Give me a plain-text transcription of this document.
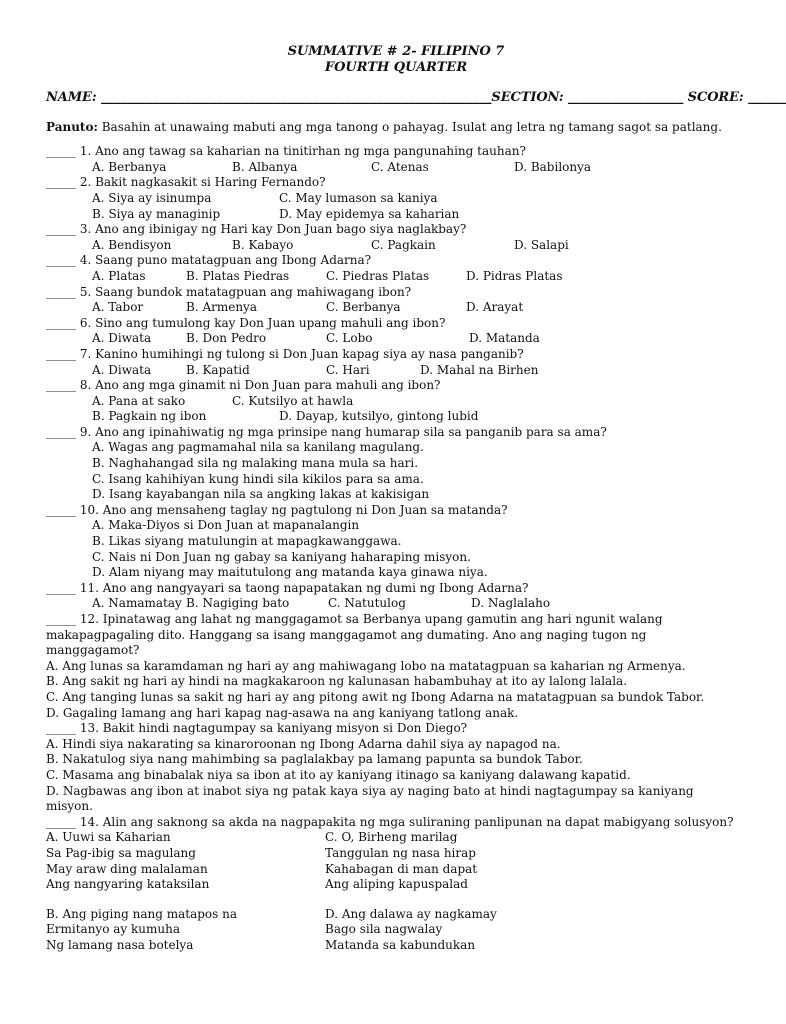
SUMMATIVE # 2- FILIPINO 7
FOURTH QUARTER
NAME: _____________________________________________________________SECTION: __________________ SCORE: ______
Panuto: Basahin at unawaing mabuti ang mga tanong o pahayag. Isulat ang letra ng tamang sagot sa patlang.
_____ 1. Ano ang tawag sa kaharian na tinitirhan ng mga pangunahing tauhan?
A. Berbanya	B. Albanya	C. Atenas	D. Babilonya
_____ 2. Bakit nagkasakit si Haring Fernando?
A. Siya ay isinumpa	C. May lumason sa kaniya
B. Siya ay managinip	D. May epidemya sa kaharian
_____ 3. Ano ang ibinigay ng Hari kay Don Juan bago siya naglakbay?
A. Bendisyon	B. Kabayo	C. Pagkain	D. Salapi
_____ 4. Saang puno matatagpuan ang Ibong Adarna?
A. Platas	B. Platas Piedras	C. Piedras Platas	D. Pidras Platas
_____ 5. Saang bundok matatagpuan ang mahiwagang ibon?
A. Tabor	B. Armenya	C. Berbanya	D. Arayat
_____ 6. Sino ang tumulong kay Don Juan upang mahuli ang ibon?
A. Diwata	B. Don Pedro	C. Lobo	D. Matanda
_____ 7. Kanino humihingi ng tulong si Don Juan kapag siya ay nasa panganib?
A. Diwata	B. Kapatid	C. Hari	D. Mahal na Birhen
_____ 8. Ano ang mga ginamit ni Don Juan para mahuli ang ibon?
A. Pana at sako	C. Kutsilyo at hawla
B. Pagkain ng ibon	D. Dayap, kutsilyo, gintong lubid
_____ 9. Ano ang ipinahiwatig ng mga prinsipe nang humarap sila sa panganib para sa ama?
A. Wagas ang pagmamahal nila sa kanilang magulang.
B. Naghahangad sila ng malaking mana mula sa hari.
C. Isang kahihiyan kung hindi sila kikilos para sa ama.
D. Isang kayabangan nila sa angking lakas at kakisigan
_____ 10. Ano ang mensaheng taglay ng pagtulong ni Don Juan sa matanda?
A. Maka-Diyos si Don Juan at mapanalangin
B. Likas siyang matulungin at mapagkawanggawa.
C. Nais ni Don Juan ng gabay sa kaniyang haharaping misyon.
D. Alam niyang may maitutulong ang matanda kaya ginawa niya.
_____ 11. Ano ang nangyayari sa taong napapatakan ng dumi ng Ibong Adarna?
A. Namamatay B. Nagiging bato	C. Natutulog	D. Naglalaho
_____ 12. Ipinatawag ang lahat ng manggagamot sa Berbanya upang gamutin ang hari ngunit walang
makapagpagaling dito. Hanggang sa isang manggagamot ang dumating. Ano ang naging tugon ng
manggagamot?
A. Ang lunas sa karamdaman ng hari ay ang mahiwagang lobo na matatagpuan sa kaharian ng Armenya.
B. Ang sakit ng hari ay hindi na magkakaroon ng kalunasan habambuhay at ito ay lalong lalala.
C. Ang tanging lunas sa sakit ng hari ay ang pitong awit ng Ibong Adarna na matatagpuan sa bundok Tabor.
D. Gagaling lamang ang hari kapag nag-asawa na ang kaniyang tatlong anak.
_____ 13. Bakit hindi nagtagumpay sa kaniyang misyon si Don Diego?
A. Hindi siya nakarating sa kinaroroonan ng Ibong Adarna dahil siya ay napagod na.
B. Nakatulog siya nang mahimbing sa paglalakbay pa lamang papunta sa bundok Tabor.
C. Masama ang binabalak niya sa ibon at ito ay kaniyang itinago sa kaniyang dalawang kapatid.
D. Nagbawas ang ibon at inabot siya ng patak kaya siya ay naging bato at hindi nagtagumpay sa kaniyang
misyon.
_____ 14. Alin ang saknong sa akda na nagpapakita ng mga suliraning panlipunan na dapat mabigyang solusyon?
A. Uuwi sa Kaharian	C. O, Birheng marilag
Sa Pag-ibig sa magulang	Tanggulan ng nasa hirap
May araw ding malalaman	Kahabagan di man dapat
Ang nangyaring kataksilan	Ang aliping kapuspalad
B. Ang piging nang matapos na	D. Ang dalawa ay nagkamay
Ermitanyo ay kumuha	Bago sila nagwalay
Ng lamang nasa botelya	Matanda sa kabundukan
